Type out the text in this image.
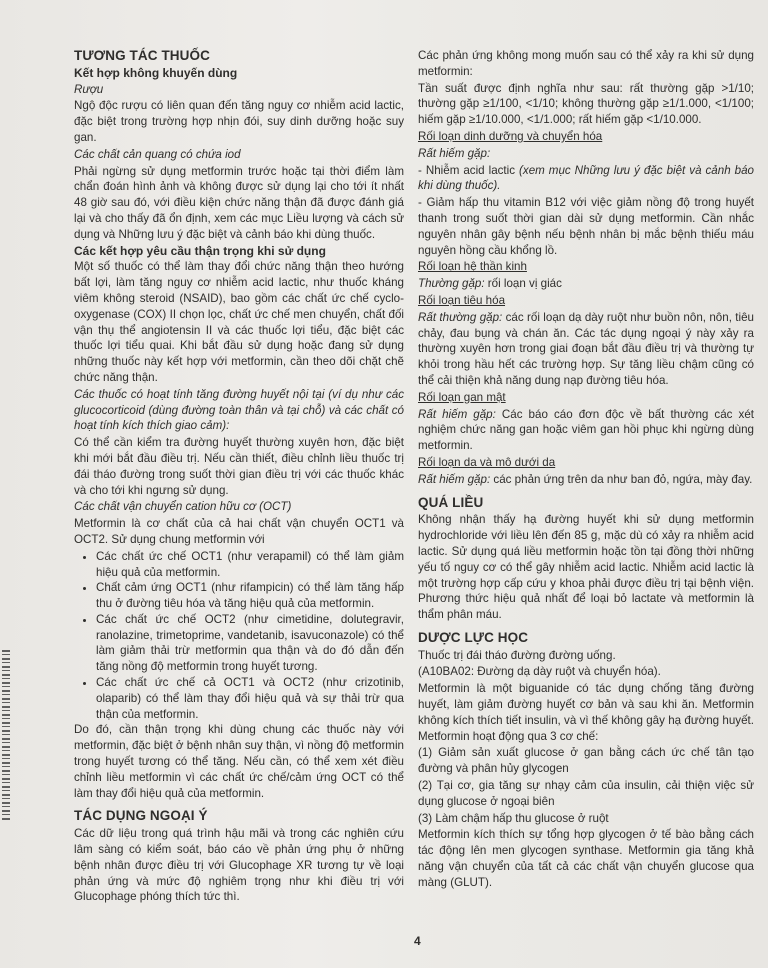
TƯƠNG TÁC THUỐC
Kết hợp không khuyến dùng

Rượu

Ngộ độc rượu có liên quan đến tăng nguy cơ nhiễm acid lactic, đặc biệt trong trường hợp nhịn đói, suy dinh dưỡng hoặc suy gan.

Các chất cản quang có chứa iod

Phải ngừng sử dụng metformin trước hoặc tại thời điểm làm chẩn đoán hình ảnh và không được sử dụng lại cho tới ít nhất 48 giờ sau đó, với điều kiện chức năng thận đã được đánh giá lại và cho thấy đã ổn định, xem các mục Liều lượng và cách sử dụng và Những lưu ý đặc biệt và cảnh báo khi dùng thuốc.

Các kết hợp yêu cầu thận trọng khi sử dụng

Một số thuốc có thể làm thay đổi chức năng thận theo hướng bất lợi, làm tăng nguy cơ nhiễm acid lactic, như thuốc kháng viêm không steroid (NSAID), bao gồm các chất ức chế cyclo-oxygenase (COX) II chọn lọc, chất ức chế men chuyển, chất đối vận thụ thể angiotensin II và các thuốc lợi tiểu, đặc biệt các thuốc lợi tiểu quai. Khi bắt đầu sử dụng hoặc đang sử dụng những thuốc này kết hợp với metformin, cần theo dõi chặt chẽ chức năng thận.

Các thuốc có hoạt tính tăng đường huyết nội tại (ví dụ như các glucocorticoid (dùng đường toàn thân và tại chỗ) và các chất có hoạt tính kích thích giao cảm):

Có thể cần kiểm tra đường huyết thường xuyên hơn, đặc biệt khi mới bắt đầu điều trị. Nếu cần thiết, điều chỉnh liều thuốc trị đái tháo đường trong suốt thời gian điều trị với các thuốc khác và cho tới khi ngưng sử dụng.

Các chất vận chuyển cation hữu cơ (OCT)

Metformin là cơ chất của cả hai chất vận chuyển OCT1 và OCT2. Sử dụng chung metformin với

• Các chất ức chế OCT1 (như verapamil) có thể làm giảm hiệu quả của metformin.
• Chất cảm ứng OCT1 (như rifampicin) có thể làm tăng hấp thu ở đường tiêu hóa và tăng hiệu quả của metformin.
• Các chất ức chế OCT2 (như cimetidine, dolutegravir, ranolazine, trimetoprime, vandetanib, isavuconazole) có thể làm giảm thải trừ metformin qua thận và do đó dẫn đến tăng nồng độ metformin trong huyết tương.
• Các chất ức chế cả OCT1 và OCT2 (như crizotinib, olaparib) có thể làm thay đổi hiệu quả và sự thải trừ qua thận của metformin.

Do đó, cần thận trọng khi dùng chung các thuốc này với metformin, đặc biệt ở bệnh nhân suy thận, vì nồng độ metformin trong huyết tương có thể tăng. Nếu cần, có thể xem xét điều chỉnh liều metformin vì các chất ức chế/cảm ứng OCT có thể làm thay đổi hiệu quả của metformin.

TÁC DỤNG NGOẠI Ý

Các dữ liệu trong quá trình hậu mãi và trong các nghiên cứu lâm sàng có kiểm soát, báo cáo về phản ứng phụ ở những bệnh nhân được điều trị với Glucophage XR tương tự về loại phản ứng và mức độ nghiêm trọng như khi điều trị với Glucophage phóng thích tức thì.

Các phản ứng không mong muốn sau có thể xảy ra khi sử dụng metformin:

Tần suất được định nghĩa như sau: rất thường gặp >1/10; thường gặp ≥1/100, <1/10; không thường gặp ≥1/1.000, <1/100; hiếm gặp ≥1/10.000, <1/1.000; rất hiếm gặp <1/10.000.

Rối loạn dinh dưỡng và chuyển hóa

Rất hiếm gặp:

- Nhiễm acid lactic (xem mục Những lưu ý đặc biệt và cảnh báo khi dùng thuốc).

- Giảm hấp thu vitamin B12 với việc giảm nồng độ trong huyết thanh trong suốt thời gian dài sử dụng metformin. Cần nhắc nguyên nhân gây bệnh nếu bệnh nhân bị mắc bệnh thiếu máu nguyên hồng cầu khổng lồ.

Rối loạn hệ thần kinh

Thường gặp: rối loạn vị giác

Rối loạn tiêu hóa

Rất thường gặp: các rối loạn dạ dày ruột như buồn nôn, nôn, tiêu chảy, đau bụng và chán ăn. Các tác dụng ngoại ý này xảy ra thường xuyên hơn trong giai đoạn bắt đầu điều trị và thường tự khỏi trong hầu hết các trường hợp. Sự tăng liều chậm cũng có thể cải thiện khả năng dung nạp đường tiêu hóa.

Rối loạn gan mật

Rất hiếm gặp: Các báo cáo đơn độc về bất thường các xét nghiệm chức năng gan hoặc viêm gan hồi phục khi ngừng dùng metformin.

Rối loạn da và mô dưới da

Rất hiếm gặp: các phản ứng trên da như ban đỏ, ngứa, mày đay.

QUÁ LIỀU

Không nhận thấy hạ đường huyết khi sử dụng metformin hydrochloride với liều lên đến 85 g, mặc dù có xảy ra nhiễm acid lactic. Sử dụng quá liều metformin hoặc tồn tại đồng thời những yếu tố nguy cơ có thể gây nhiễm acid lactic. Nhiễm acid lactic là một trường hợp cấp cứu y khoa phải được điều trị tại bệnh viện. Phương thức hiệu quả nhất để loại bỏ lactate và metformin là thẩm phân máu.

DƯỢC LỰC HỌC

Thuốc trị đái tháo đường đường uống.

(A10BA02: Đường dạ dày ruột và chuyển hóa).

Metformin là một biguanide có tác dụng chống tăng đường huyết, làm giảm đường huyết cơ bản và sau khi ăn. Metformin không kích thích tiết insulin, và vì thế không gây hạ đường huyết. Metformin hoạt động qua 3 cơ chế:

(1) Giảm sản xuất glucose ở gan bằng cách ức chế tân tạo đường và phân hủy glycogen

(2) Tại cơ, gia tăng sự nhạy cảm của insulin, cải thiện việc sử dụng glucose ở ngoại biên

(3) Làm chậm hấp thu glucose ở ruột

Metformin kích thích sự tổng hợp glycogen ở tế bào bằng cách tác động lên men glycogen synthase. Metformin gia tăng khả năng vận chuyển của tất cả các chất vận chuyển glucose qua màng (GLUT).

4
